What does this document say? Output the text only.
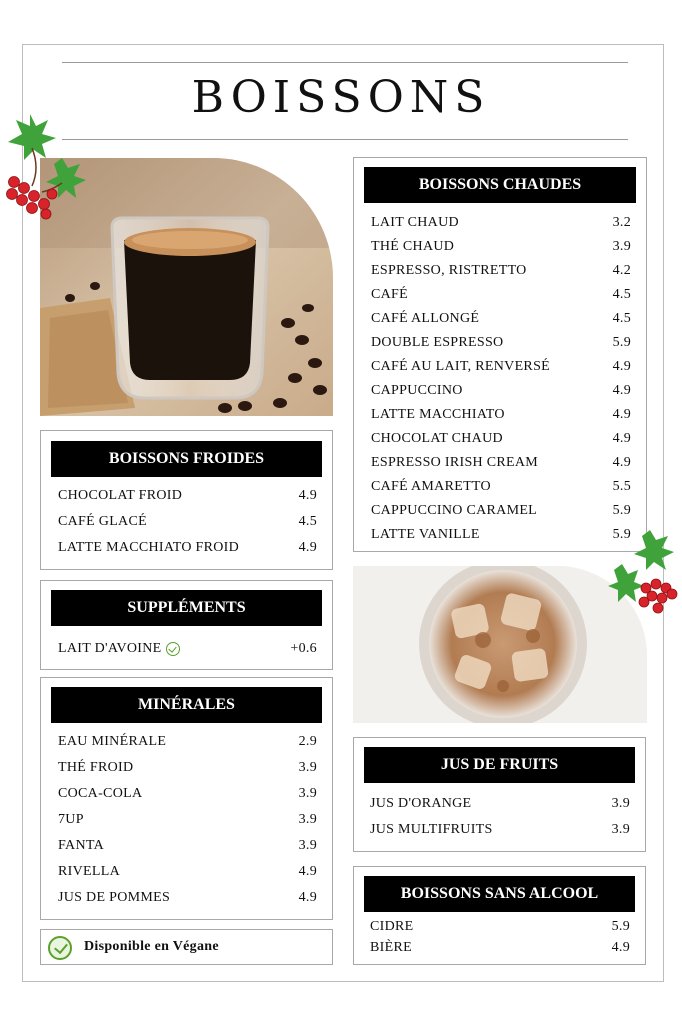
BOISSONS
BOISSONS CHAUDES
LAIT CHAUD	3.2
THÉ CHAUD	3.9
ESPRESSO, RISTRETTO	4.2
CAFÉ	4.5
CAFÉ ALLONGÉ	4.5
DOUBLE ESPRESSO	5.9
CAFÉ AU LAIT, RENVERSÉ	4.9
CAPPUCCINO	4.9
LATTE MACCHIATO	4.9
CHOCOLAT CHAUD	4.9
ESPRESSO IRISH CREAM	4.9
CAFÉ AMARETTO	5.5
CAPPUCCINO CARAMEL	5.9
LATTE VANILLE	5.9
BOISSONS FROIDES
CHOCOLAT FROID	4.9
CAFÉ GLACÉ	4.5
LATTE MACCHIATO FROID	4.9
SUPPLÉMENTS
LAIT D'AVOINE	+0.6
MINÉRALES
EAU MINÉRALE	2.9
THÉ FROID	3.9
COCA-COLA	3.9
7UP	3.9
FANTA	3.9
RIVELLA	4.9
JUS DE POMMES	4.9
Disponible en Végane
JUS DE FRUITS
JUS D'ORANGE	3.9
JUS MULTIFRUITS	3.9
BOISSONS SANS ALCOOL
CIDRE	5.9
BIÈRE	4.9
